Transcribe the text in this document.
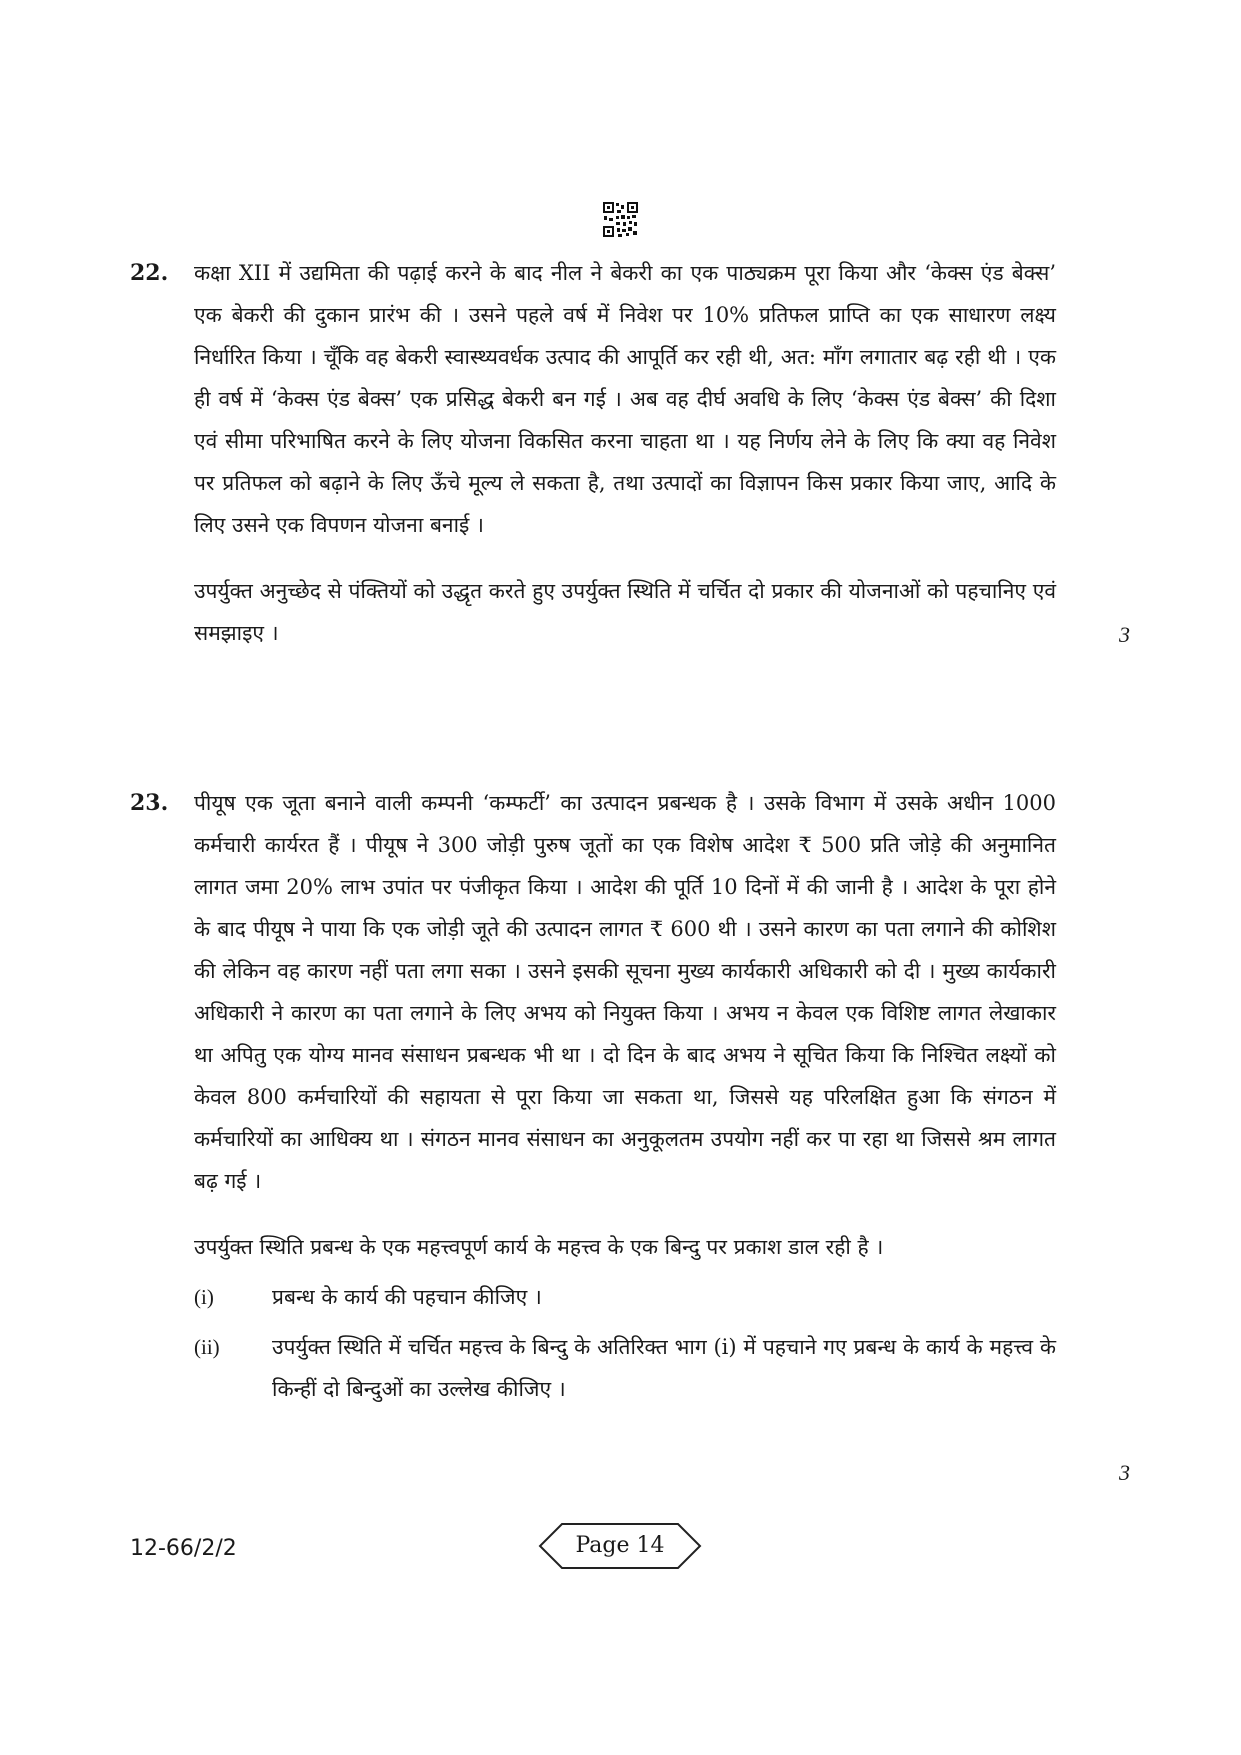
22. कक्षा XII में उद्यमिता की पढ़ाई करने के बाद नील ने बेकरी का एक पाठ्यक्रम पूरा किया और ‘केक्स एंड बेक्स’ एक बेकरी की दुकान प्रारंभ की । उसने पहले वर्ष में निवेश पर 10% प्रतिफल प्राप्ति का एक साधारण लक्ष्य निर्धारित किया । चूँकि वह बेकरी स्वास्थ्यवर्धक उत्पाद की आपूर्ति कर रही थी, अत: माँग लगातार बढ़ रही थी । एक ही वर्ष में ‘केक्स एंड बेक्स’ एक प्रसिद्ध बेकरी बन गई । अब वह दीर्घ अवधि के लिए ‘केक्स एंड बेक्स’ की दिशा एवं सीमा परिभाषित करने के लिए योजना विकसित करना चाहता था । यह निर्णय लेने के लिए कि क्या वह निवेश पर प्रतिफल को बढ़ाने के लिए ऊँचे मूल्य ले सकता है, तथा उत्पादों का विज्ञापन किस प्रकार किया जाए, आदि के लिए उसने एक विपणन योजना बनाई ।

उपर्युक्त अनुच्छेद से पंक्तियों को उद्धृत करते हुए उपर्युक्त स्थिति में चर्चित दो प्रकार की योजनाओं को पहचानिए एवं समझाइए ।	3
23. पीयूष एक जूता बनाने वाली कम्पनी ‘कम्फर्टी’ का उत्पादन प्रबन्धक है । उसके विभाग में उसके अधीन 1000 कर्मचारी कार्यरत हैं । पीयूष ने 300 जोड़ी पुरुष जूतों का एक विशेष आदेश ₹ 500 प्रति जोड़े की अनुमानित लागत जमा 20% लाभ उपांत पर पंजीकृत किया । आदेश की पूर्ति 10 दिनों में की जानी है । आदेश के पूरा होने के बाद पीयूष ने पाया कि एक जोड़ी जूते की उत्पादन लागत ₹ 600 थी । उसने कारण का पता लगाने की कोशिश की लेकिन वह कारण नहीं पता लगा सका । उसने इसकी सूचना मुख्य कार्यकारी अधिकारी को दी । मुख्य कार्यकारी अधिकारी ने कारण का पता लगाने के लिए अभय को नियुक्त किया । अभय न केवल एक विशिष्ट लागत लेखाकार था अपितु एक योग्य मानव संसाधन प्रबन्धक भी था । दो दिन के बाद अभय ने सूचित किया कि निश्चित लक्ष्यों को केवल 800 कर्मचारियों की सहायता से पूरा किया जा सकता था, जिससे यह परिलक्षित हुआ कि संगठन में कर्मचारियों का आधिक्य था । संगठन मानव संसाधन का अनुकूलतम उपयोग नहीं कर पा रहा था जिससे श्रम लागत बढ़ गई ।

उपर्युक्त स्थिति प्रबन्ध के एक महत्त्वपूर्ण कार्य के महत्त्व के एक बिन्दु पर प्रकाश डाल रही है ।

(i)	प्रबन्ध के कार्य की पहचान कीजिए ।
(ii)	उपर्युक्त स्थिति में चर्चित महत्त्व के बिन्दु के अतिरिक्त भाग (i) में पहचाने गए प्रबन्ध के कार्य के महत्त्व के किन्हीं दो बिन्दुओं का उल्लेख कीजिए ।
3
12-66/2/2	Page 14
